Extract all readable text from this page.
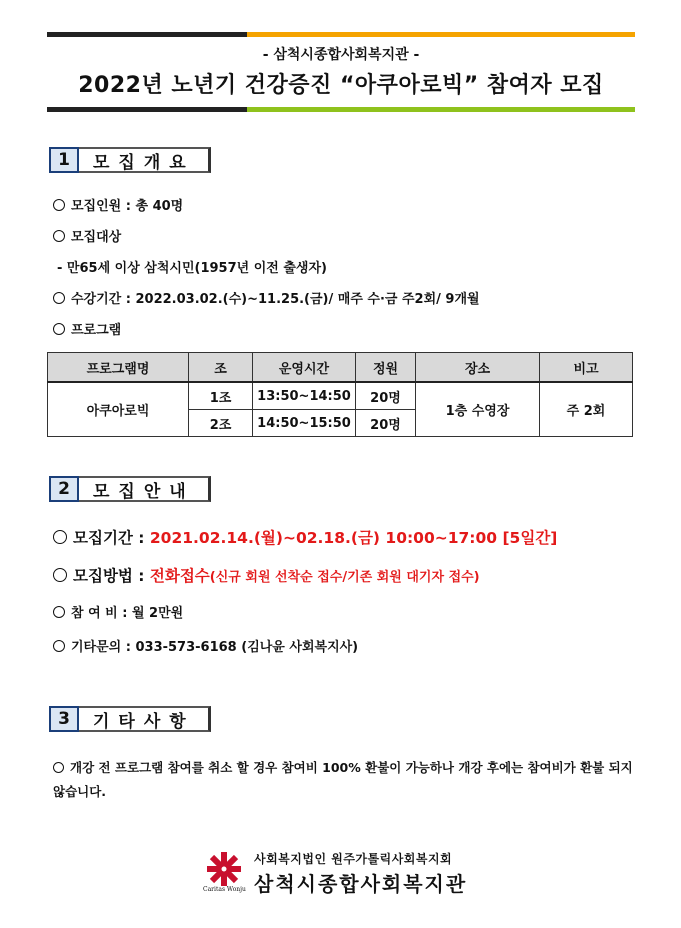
- 삼척시종합사회복지관 -
2022년 노년기 건강증진 “아쿠아로빅” 참여자 모집
1	모집개요
모집인원 : 총 40명
모집대상
- 만65세 이상 삼척시민(1957년 이전 출생자)
수강기간 : 2022.03.02.(수)~11.25.(금)/ 매주 수·금 주2회/ 9개월
프로그램
프로그램명	조	운영시간	정원	장소	비고
아쿠아로빅	1조	13:50~14:50	20명	1층 수영장	주 2회
	2조	14:50~15:50	20명		
2	모집안내
모집기간 : 2021.02.14.(월)~02.18.(금) 10:00~17:00 [5일간]
모집방법 : 전화접수(신규 회원 선착순 접수/기존 회원 대기자 접수)
참 여 비 : 월 2만원
기타문의 : 033-573-6168 (김나윤 사회복지사)
3	기타사항
개강 전 프로그램 참여를 취소 할 경우 참여비 100% 환불이 가능하나 개강 후에는 참여비가 환불 되지 않습니다.
Caritas Wonju
사회복지법인 원주가톨릭사회복지회
삼척시종합사회복지관
